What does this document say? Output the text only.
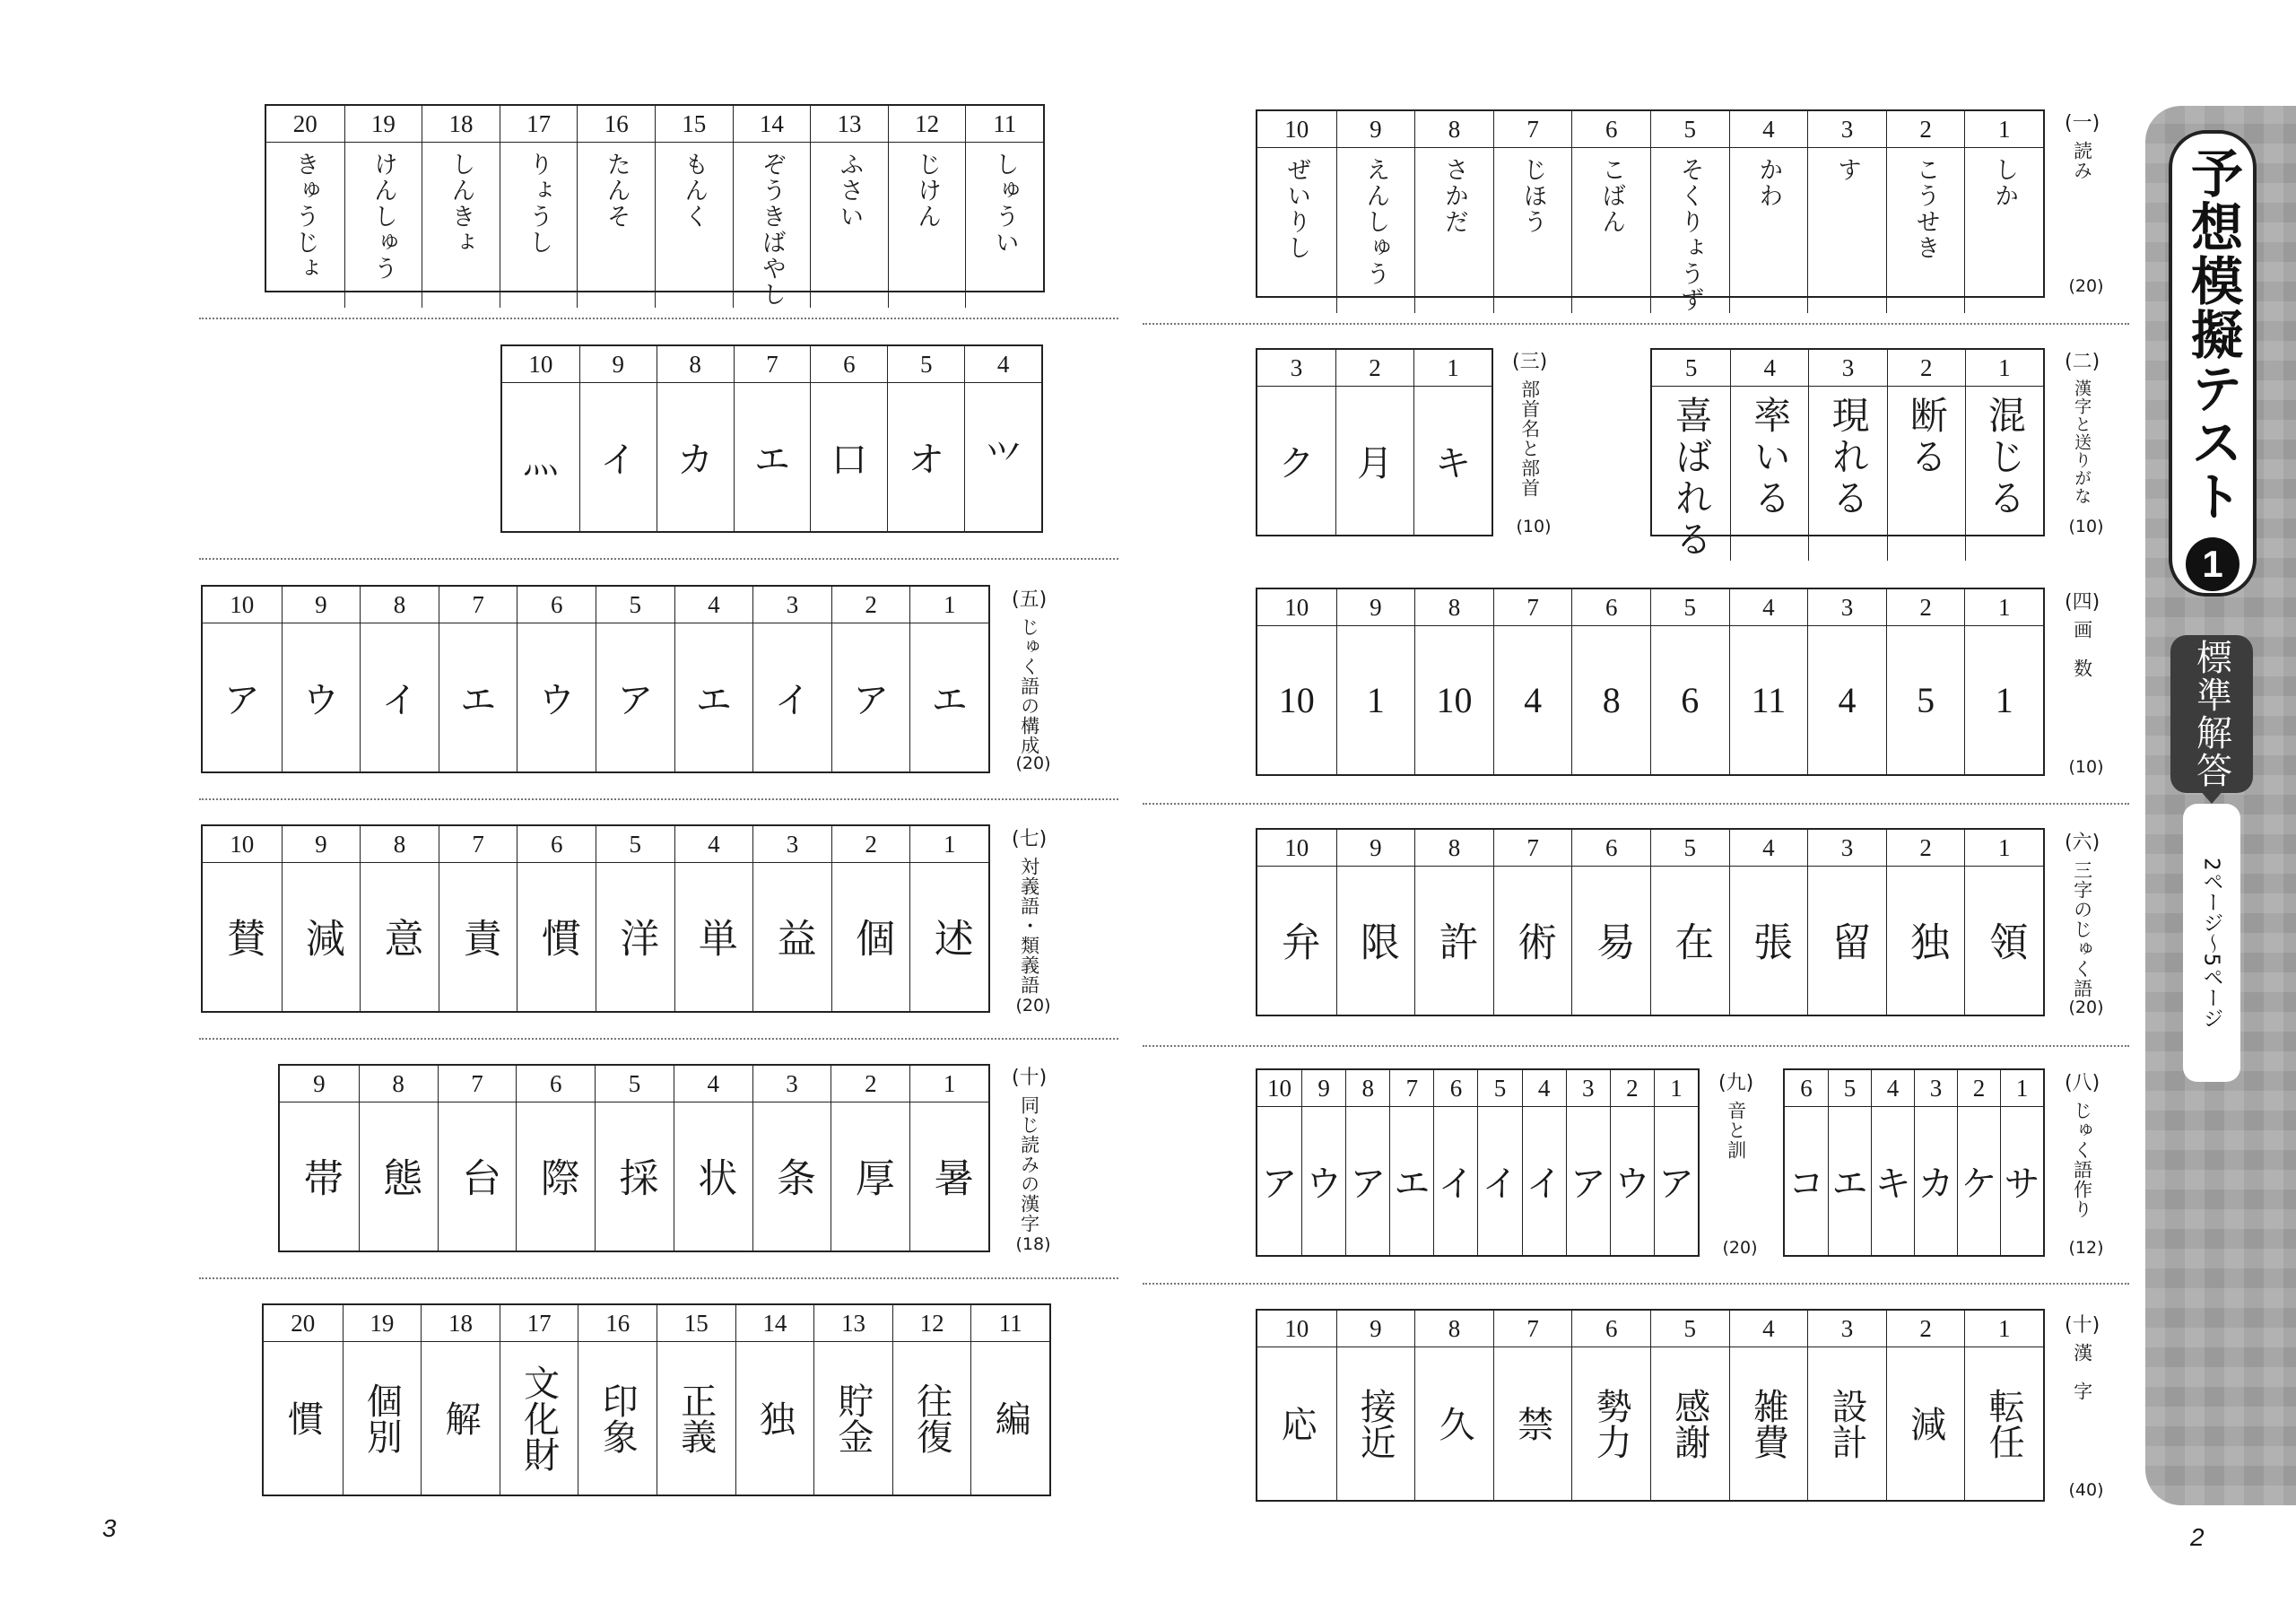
予想模擬テスト
1
標準解答
2ページ～5ページ
3	2
(一)
読み
(20)
(二)
漢字と送りがな
(10)
(三)
部首名と部首
(10)
(四)
画数
(10)
(五)
じゅく語の構成
(20)
(六)
三字のじゅく語
(20)
(七)
対義語・類義語
(20)
(八)
じゅく語作り
(12)
(九)
音と訓
(20)
(十)
同じ読みの漢字
(18)
(十)
漢字
(40)
10
ぜいりし
9
えんしゅう
8
さかだ
7
じほう
6
こばん
5
そくりょうず
4
かわ
3
す
2
こうせき
1
しか
20
きゅうじょ
19
けんしゅう
18
しんきょ
17
りょうし
16
たんそ
15
もんく
14
ぞうきばやし
13
ふさい
12
じけん
11
しゅうい
5
喜ばれる
4
率いる
3
現れる
2
断る
1
混じる
3
ク
2
月
1
キ
10
⺣
9
イ
8
カ
7
エ
6
口
5
オ
4
⺍
10
10
9
1
8
10
7
4
6
8
5
6
4
11
3
4
2
5
1
1
10
ア
9
ウ
8
イ
7
エ
6
ウ
5
ア
4
エ
3
イ
2
ア
1
エ
10
弁
9
限
8
許
7
術
6
易
5
在
4
張
3
留
2
独
1
領
10
賛
9
減
8
意
7
責
6
慣
5
洋
4
単
3
益
2
個
1
述
6
コ
5
エ
4
キ
3
カ
2
ケ
1
サ
10
ア
9
ウ
8
ア
7
エ
6
イ
5
イ
4
イ
3
ア
2
ウ
1
ア
9
帯
8
態
7
台
6
際
5
採
4
状
3
条
2
厚
1
暑
10
応
9
接近
8
久
7
禁
6
勢力
5
感謝
4
雑費
3
設計
2
減
1
転任
20
慣
19
個別
18
解
17
文化財
16
印象
15
正義
14
独
13
貯金
12
往復
11
編
